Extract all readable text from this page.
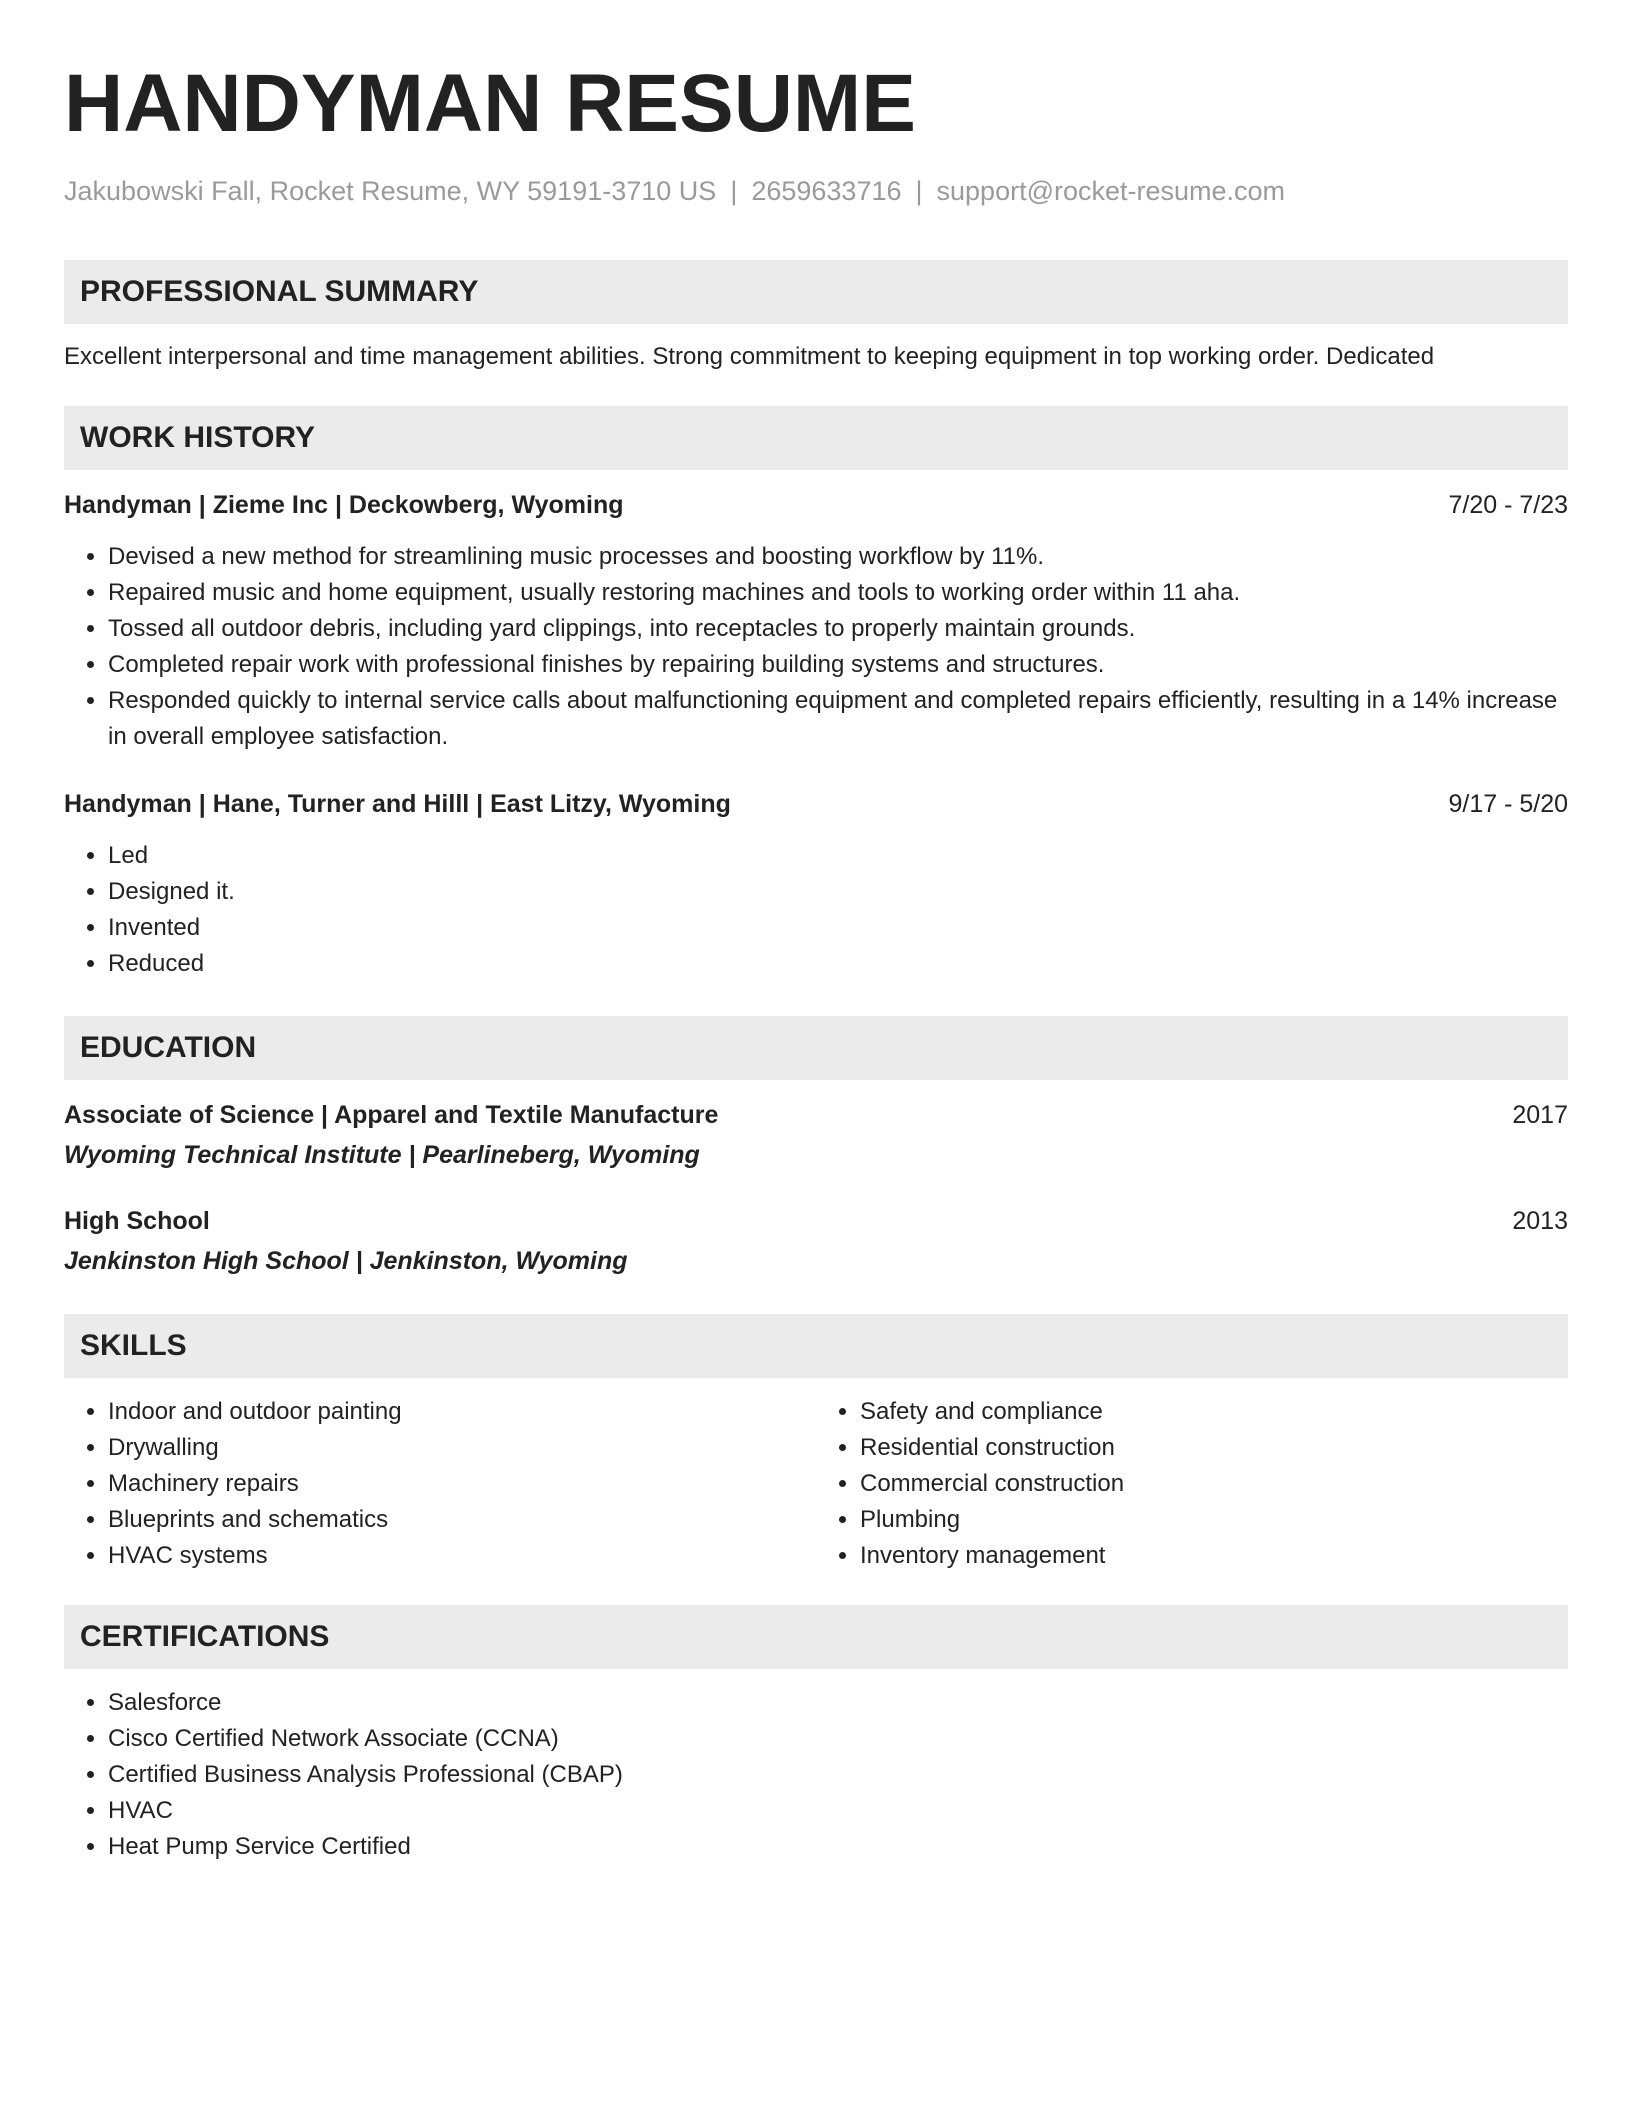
HANDYMAN RESUME
Jakubowski Fall, Rocket Resume, WY 59191-3710 US | 2659633716 | support@rocket-resume.com
PROFESSIONAL SUMMARY
Excellent interpersonal and time management abilities. Strong commitment to keeping equipment in top working order. Dedicated
WORK HISTORY
Handyman | Zieme Inc | Deckowberg, Wyoming	7/20 - 7/23
• Devised a new method for streamlining music processes and boosting workflow by 11%.
• Repaired music and home equipment, usually restoring machines and tools to working order within 11 aha.
• Tossed all outdoor debris, including yard clippings, into receptacles to properly maintain grounds.
• Completed repair work with professional finishes by repairing building systems and structures.
• Responded quickly to internal service calls about malfunctioning equipment and completed repairs efficiently, resulting in a 14% increase in overall employee satisfaction.
Handyman | Hane, Turner and Hilll | East Litzy, Wyoming	9/17 - 5/20
• Led
• Designed it.
• Invented
• Reduced
EDUCATION
Associate of Science | Apparel and Textile Manufacture	2017
Wyoming Technical Institute | Pearlineberg, Wyoming
High School	2013
Jenkinston High School | Jenkinston, Wyoming
SKILLS
• Indoor and outdoor painting
• Drywalling
• Machinery repairs
• Blueprints and schematics
• HVAC systems
• Safety and compliance
• Residential construction
• Commercial construction
• Plumbing
• Inventory management
CERTIFICATIONS
• Salesforce
• Cisco Certified Network Associate (CCNA)
• Certified Business Analysis Professional (CBAP)
• HVAC
• Heat Pump Service Certified
